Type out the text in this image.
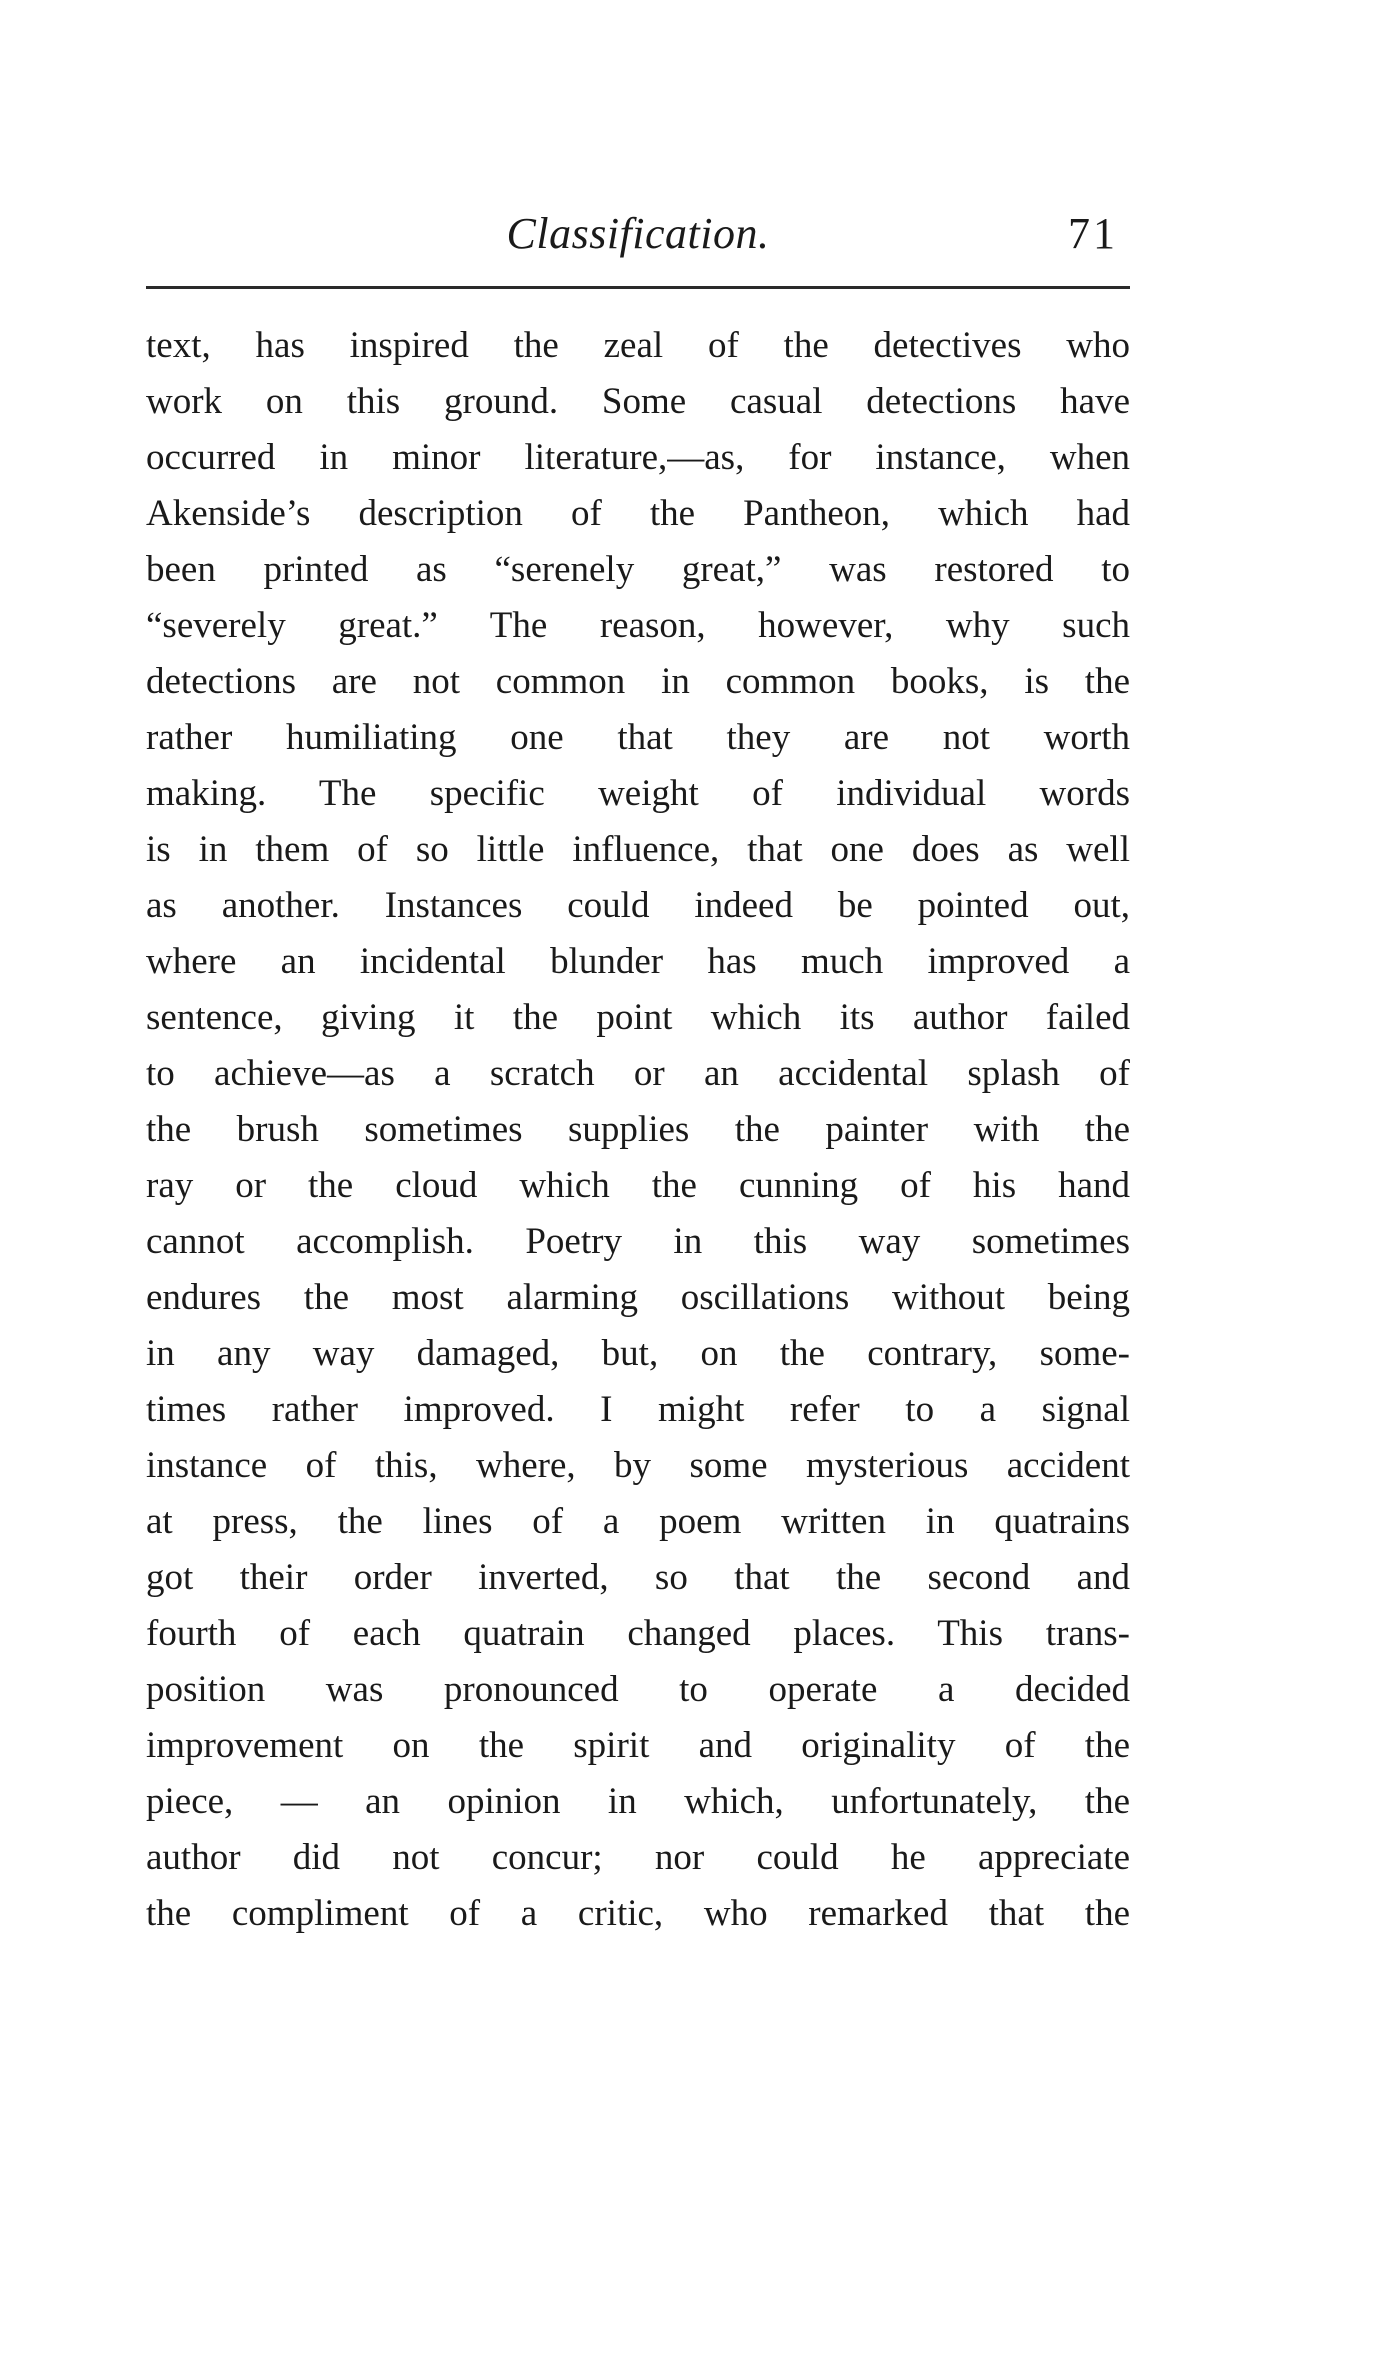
Classification.	71
text, has inspired the zeal of the detectives who
work on this ground. Some casual detections have
occurred in minor literature,—as, for instance, when
Akenside’s description of the Pantheon, which had
been printed as “serenely great,” was restored to
“severely great.” The reason, however, why such
detections are not common in common books, is the
rather humiliating one that they are not worth
making. The specific weight of individual words
is in them of so little influence, that one does as well
as another. Instances could indeed be pointed out,
where an incidental blunder has much improved a
sentence, giving it the point which its author failed
to achieve—as a scratch or an accidental splash of
the brush sometimes supplies the painter with the
ray or the cloud which the cunning of his hand
cannot accomplish. Poetry in this way sometimes
endures the most alarming oscillations without being
in any way damaged, but, on the contrary, some-
times rather improved. I might refer to a signal
instance of this, where, by some mysterious accident
at press, the lines of a poem written in quatrains
got their order inverted, so that the second and
fourth of each quatrain changed places. This trans-
position was pronounced to operate a decided
improvement on the spirit and originality of the
piece, — an opinion in which, unfortunately, the
author did not concur; nor could he appreciate
the compliment of a critic, who remarked that the
